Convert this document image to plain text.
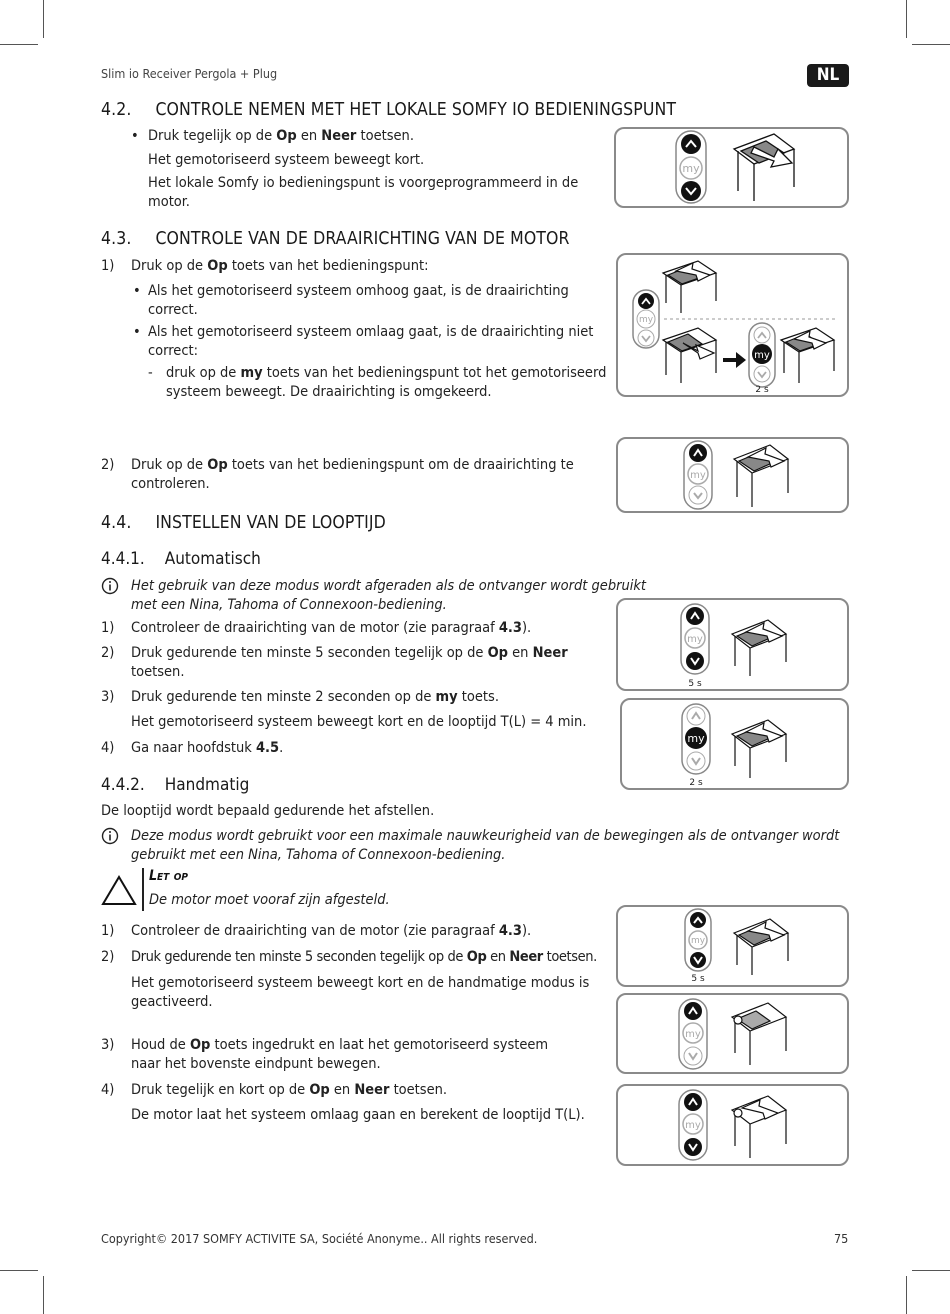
Slim io Receiver Pergola + Plug	NL
4.2. CONTROLE NEMEN MET HET LOKALE SOMFY IO BEDIENINGSPUNT
• Druk tegelijk op de Op en Neer toetsen.
Het gemotoriseerd systeem beweegt kort.
Het lokale Somfy io bedieningspunt is voorgeprogrammeerd in de
motor.
my
4.3. CONTROLE VAN DE DRAAIRICHTING VAN DE MOTOR
1) Druk op de Op toets van het bedieningspunt:
• Als het gemotoriseerd systeem omhoog gaat, is de draairichting
correct.
• Als het gemotoriseerd systeem omlaag gaat, is de draairichting niet
correct:
- druk op de my toets van het bedieningspunt tot het gemotoriseerd
systeem beweegt. De draairichting is omgekeerd.
my
my
2 s
2) Druk op de Op toets van het bedieningspunt om de draairichting te
controleren.
my
4.4. INSTELLEN VAN DE LOOPTIJD
4.4.1. Automatisch
Het gebruik van deze modus wordt afgeraden als de ontvanger wordt gebruikt
met een Nina, Tahoma of Connexoon-bediening.
1) Controleer de draairichting van de motor (zie paragraaf 4.3).
2) Druk gedurende ten minste 5 seconden tegelijk op de Op en Neer
toetsen.
3) Druk gedurende ten minste 2 seconden op de my toets.
Het gemotoriseerd systeem beweegt kort en de looptijd T(L) = 4 min.
4) Ga naar hoofdstuk 4.5.
my
5 s
my
2 s
4.4.2. Handmatig
De looptijd wordt bepaald gedurende het afstellen.
Deze modus wordt gebruikt voor een maximale nauwkeurigheid van de bewegingen als de ontvanger wordt
gebruikt met een Nina, Tahoma of Connexoon-bediening.
Let op
De motor moet vooraf zijn afgesteld.
1) Controleer de draairichting van de motor (zie paragraaf 4.3).
2) Druk gedurende ten minste 5 seconden tegelijk op de Op en Neer toetsen.
Het gemotoriseerd systeem beweegt kort en de handmatige modus is
geactiveerd.
3) Houd de Op toets ingedrukt en laat het gemotoriseerd systeem
naar het bovenste eindpunt bewegen.
4) Druk tegelijk en kort op de Op en Neer toetsen.
De motor laat het systeem omlaag gaan en berekent de looptijd T(L).
my
5 s
my
my
Copyright© 2017 SOMFY ACTIVITE SA, Société Anonyme.. All rights reserved.	75
